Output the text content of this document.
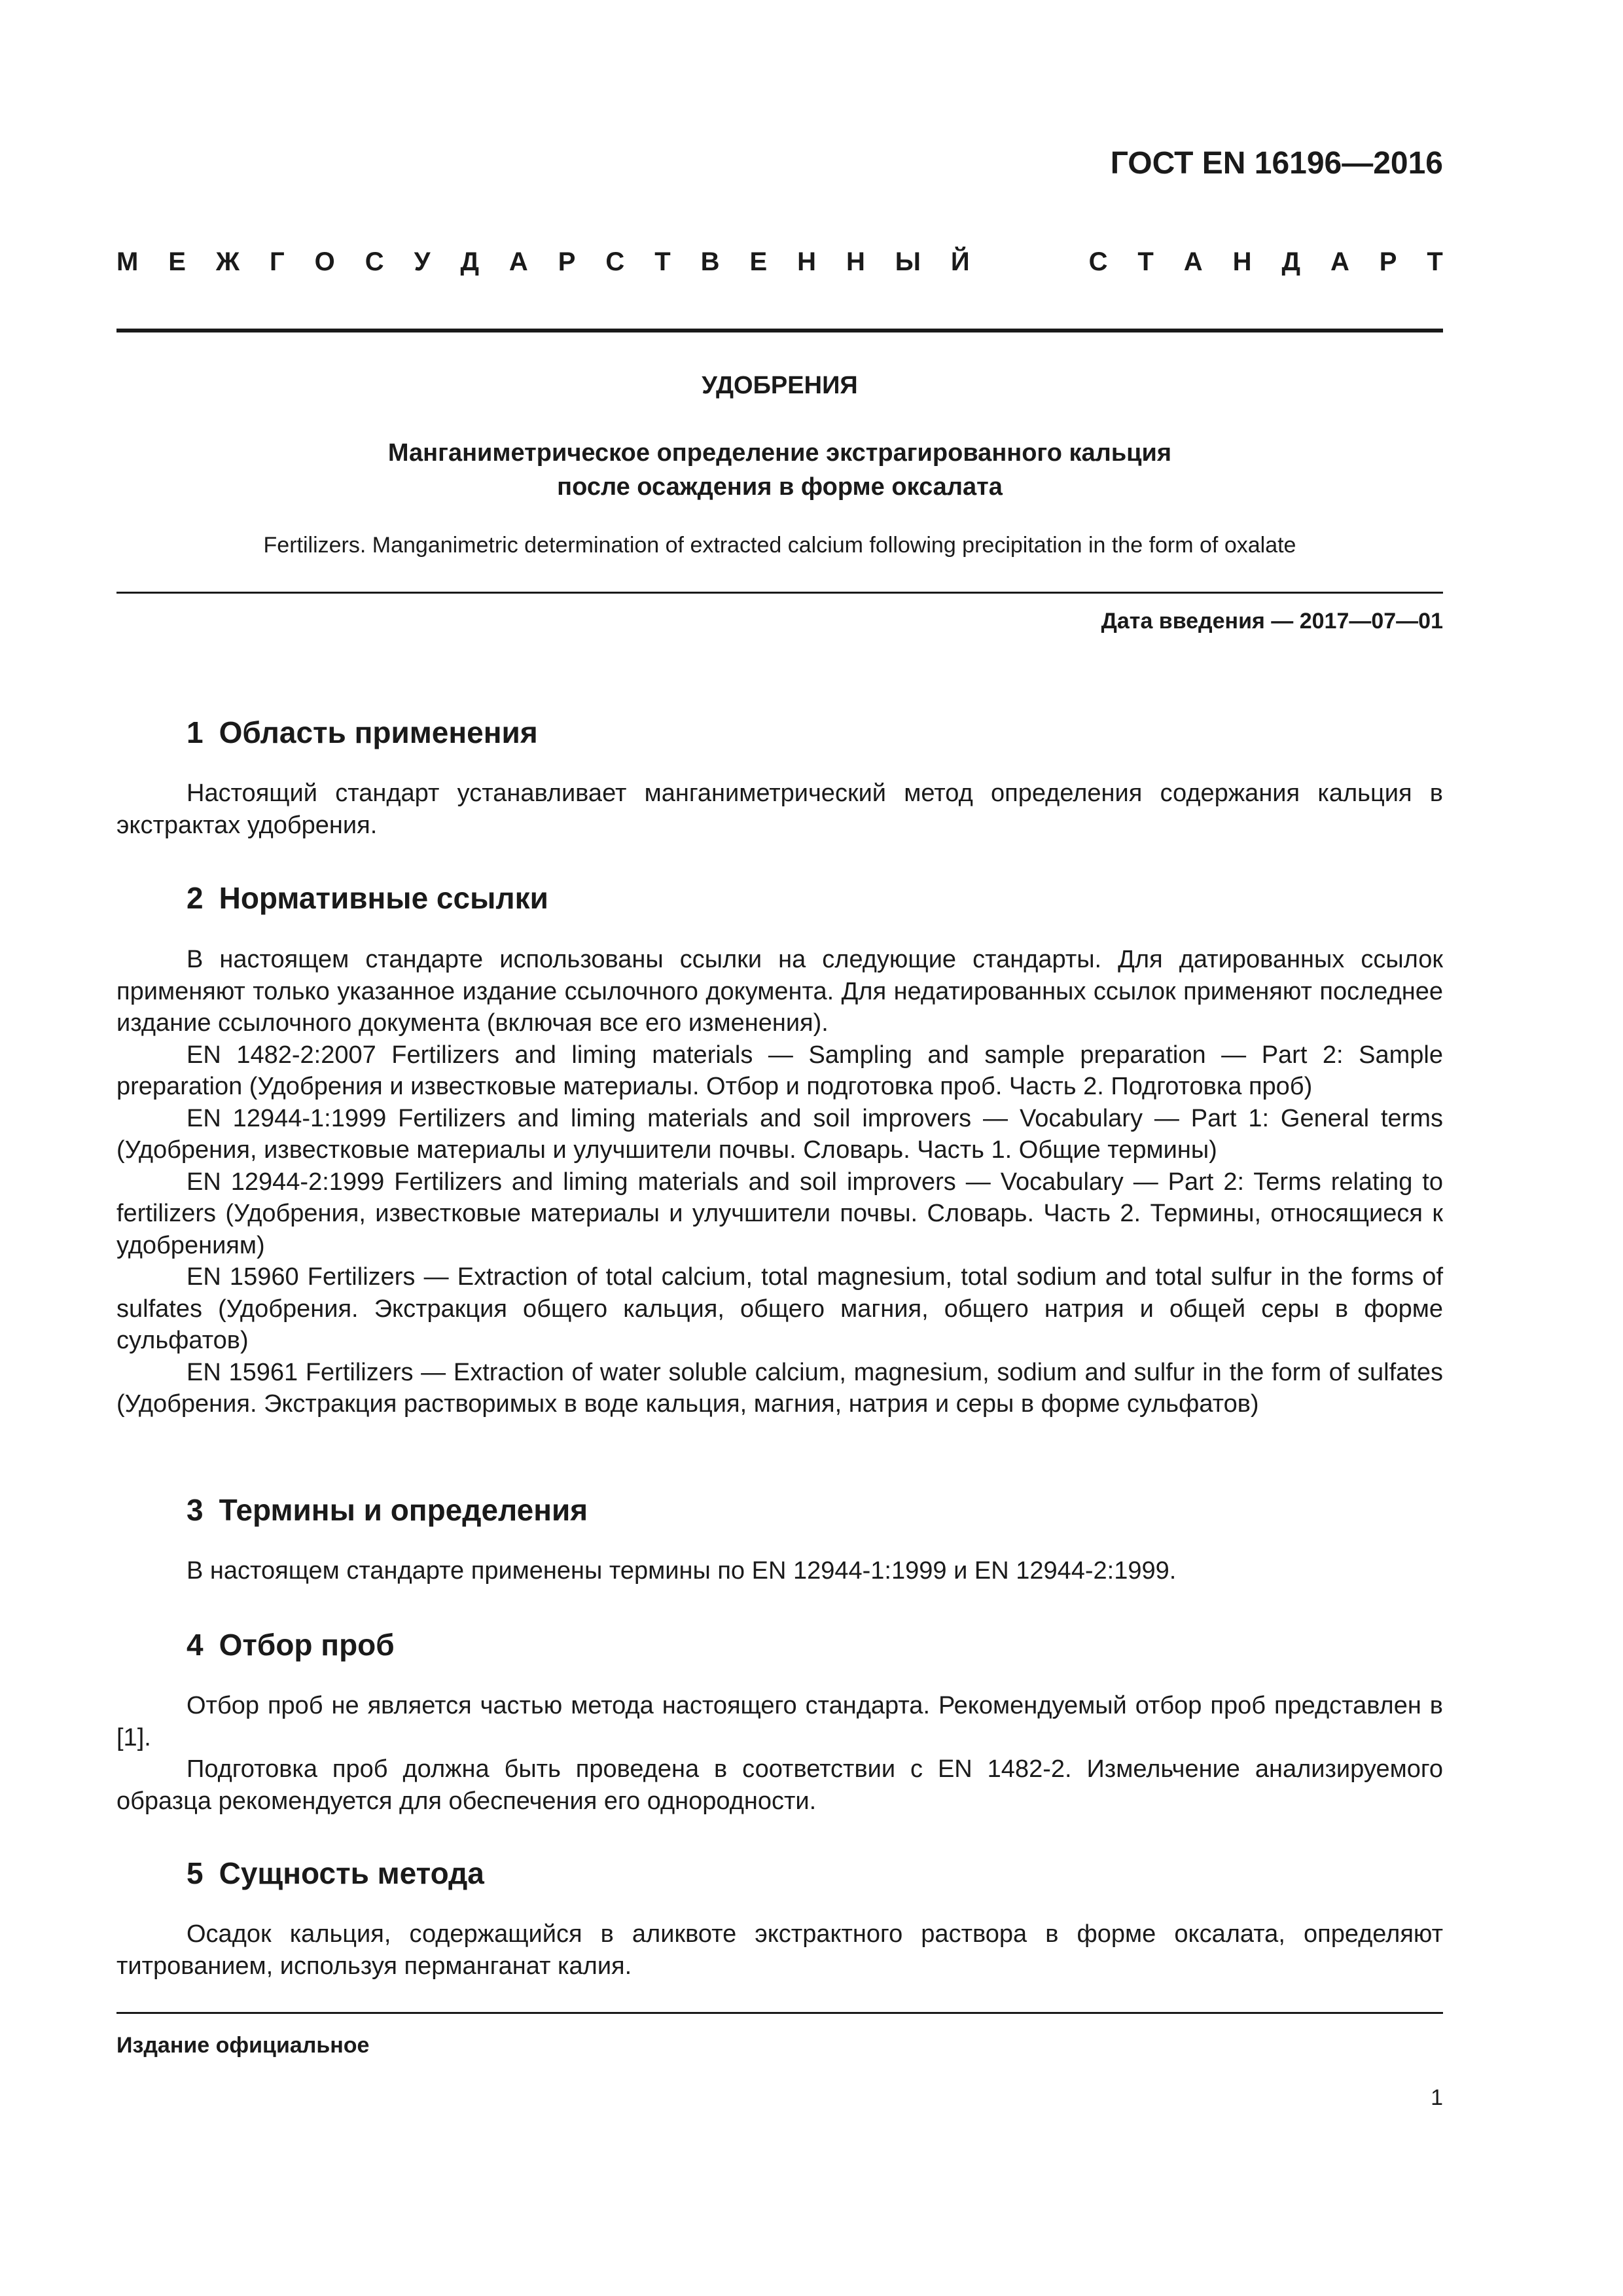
ГОСТ EN 16196—2016
М Е Ж Г О С У Д А Р С Т В Е Н Н Ы Й	С Т А Н Д А Р Т
УДОБРЕНИЯ
Манганиметрическое определение экстрагированного кальция
после осаждения в форме оксалата
Fertilizers. Manganimetric determination of extracted calcium following precipitation in the form of oxalate
Дата введения — 2017—07—01
1 Область применения

Настоящий стандарт устанавливает манганиметрический метод определения содержания кальция в экстрактах удобрения.

2 Нормативные ссылки

В настоящем стандарте использованы ссылки на следующие стандарты. Для датированных ссылок применяют только указанное издание ссылочного документа. Для недатированных ссылок применяют последнее издание ссылочного документа (включая все его изменения).

EN 1482-2:2007 Fertilizers and liming materials — Sampling and sample preparation — Part 2: Sample preparation (Удобрения и известковые материалы. Отбор и подготовка проб. Часть 2. Подготовка проб)

EN 12944-1:1999 Fertilizers and liming materials and soil improvers — Vocabulary — Part 1: General terms (Удобрения, известковые материалы и улучшители почвы. Словарь. Часть 1. Общие термины)

EN 12944-2:1999 Fertilizers and liming materials and soil improvers — Vocabulary — Part 2: Terms relating to fertilizers (Удобрения, известковые материалы и улучшители почвы. Словарь. Часть 2. Термины, относящиеся к удобрениям)

EN 15960 Fertilizers — Extraction of total calcium, total magnesium, total sodium and total sulfur in the forms of sulfates (Удобрения. Экстракция общего кальция, общего магния, общего натрия и общей серы в форме сульфатов)

EN 15961 Fertilizers — Extraction of water soluble calcium, magnesium, sodium and sulfur in the form of sulfates (Удобрения. Экстракция растворимых в воде кальция, магния, натрия и серы в форме сульфатов)

3 Термины и определения

В настоящем стандарте применены термины по EN 12944-1:1999 и EN 12944-2:1999.

4 Отбор проб

Отбор проб не является частью метода настоящего стандарта. Рекомендуемый отбор проб представлен в [1].

Подготовка проб должна быть проведена в соответствии с EN 1482-2. Измельчение анализируемого образца рекомендуется для обеспечения его однородности.

5 Сущность метода

Осадок кальция, содержащийся в аликвоте экстрактного раствора в форме оксалата, определяют титрованием, используя перманганат калия.

Издание официальное
1
